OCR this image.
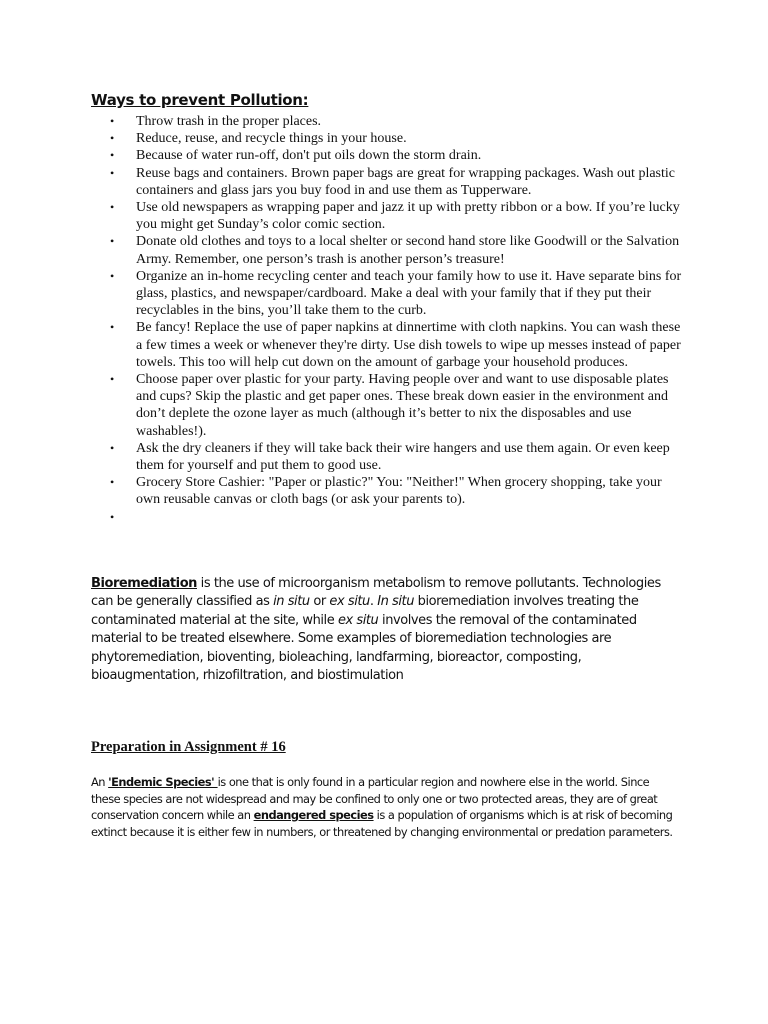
Ways to prevent Pollution:
• Throw trash in the proper places.
• Reduce, reuse, and recycle things in your house.
• Because of water run-off, don't put oils down the storm drain.
• Reuse bags and containers. Brown paper bags are great for wrapping packages. Wash out plastic containers and glass jars you buy food in and use them as Tupperware.
• Use old newspapers as wrapping paper and jazz it up with pretty ribbon or a bow. If you’re lucky you might get Sunday’s color comic section.
• Donate old clothes and toys to a local shelter or second hand store like Goodwill or the Salvation Army. Remember, one person’s trash is another person’s treasure!
• Organize an in-home recycling center and teach your family how to use it. Have separate bins for glass, plastics, and newspaper/cardboard. Make a deal with your family that if they put their recyclables in the bins, you’ll take them to the curb.
• Be fancy! Replace the use of paper napkins at dinnertime with cloth napkins. You can wash these a few times a week or whenever they're dirty. Use dish towels to wipe up messes instead of paper towels. This too will help cut down on the amount of garbage your household produces.
• Choose paper over plastic for your party. Having people over and want to use disposable plates and cups? Skip the plastic and get paper ones. These break down easier in the environment and don’t deplete the ozone layer as much (although it’s better to nix the disposables and use washables!).
• Ask the dry cleaners if they will take back their wire hangers and use them again. Or even keep them for yourself and put them to good use.
• Grocery Store Cashier: "Paper or plastic?" You: "Neither!" When grocery shopping, take your own reusable canvas or cloth bags (or ask your parents to).
•

Bioremediation is the use of microorganism metabolism to remove pollutants. Technologies can be generally classified as in situ or ex situ. In situ bioremediation involves treating the contaminated material at the site, while ex situ involves the removal of the contaminated material to be treated elsewhere. Some examples of bioremediation technologies are phytoremediation, bioventing, bioleaching, landfarming, bioreactor, composting, bioaugmentation, rhizofiltration, and biostimulation

Preparation in Assignment # 16

An 'Endemic Species' is one that is only found in a particular region and nowhere else in the world. Since these species are not widespread and may be confined to only one or two protected areas, they are of great conservation concern while an endangered species is a population of organisms which is at risk of becoming extinct because it is either few in numbers, or threatened by changing environmental or predation parameters.
